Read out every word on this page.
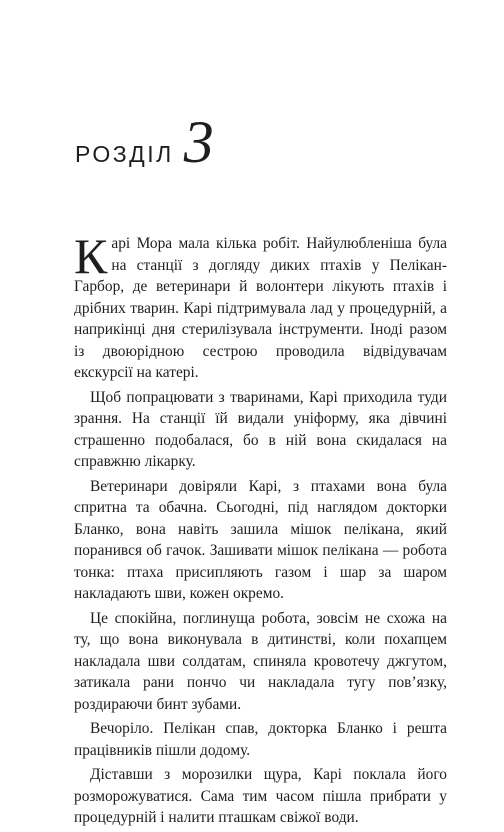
РОЗДІЛ 3

Карі Мора мала кілька робіт. Найулюбленіша була на станції з догляду диких птахів у Пелікан-Гарбор, де ветеринари й волонтери лікують птахів і дрібних тварин. Карі підтримувала лад у процедурній, а наприкінці дня стерилізувала інструменти. Іноді разом із двоюрідною сестрою проводила відвідувачам екскурсії на катері.

Щоб попрацювати з тваринами, Карі приходила туди зрання. На станції їй видали уніформу, яка дівчині страшенно подобалася, бо в ній вона скидалася на справжню лікарку.

Ветеринари довіряли Карі, з птахами вона була спритна та обачна. Сьогодні, під наглядом докторки Бланко, вона навіть зашила мішок пелікана, який поранився об гачок. Зашивати мішок пелікана — робота тонка: птаха присипляють газом і шар за шаром накладають шви, кожен окремо.

Це спокійна, поглинуща робота, зовсім не схожа на ту, що вона виконувала в дитинстві, коли похапцем накладала шви солдатам, спиняла кровотечу джгутом, затикала рани пончо чи накладала тугу пов’язку, роздираючи бинт зубами.

Вечоріло. Пелікан спав, докторка Бланко і решта працівників пішли додому.

Діставши з морозилки щура, Карі поклала його розморожуватися. Сама тим часом пішла прибрати у процедурній і налити пташкам свіжої води.
